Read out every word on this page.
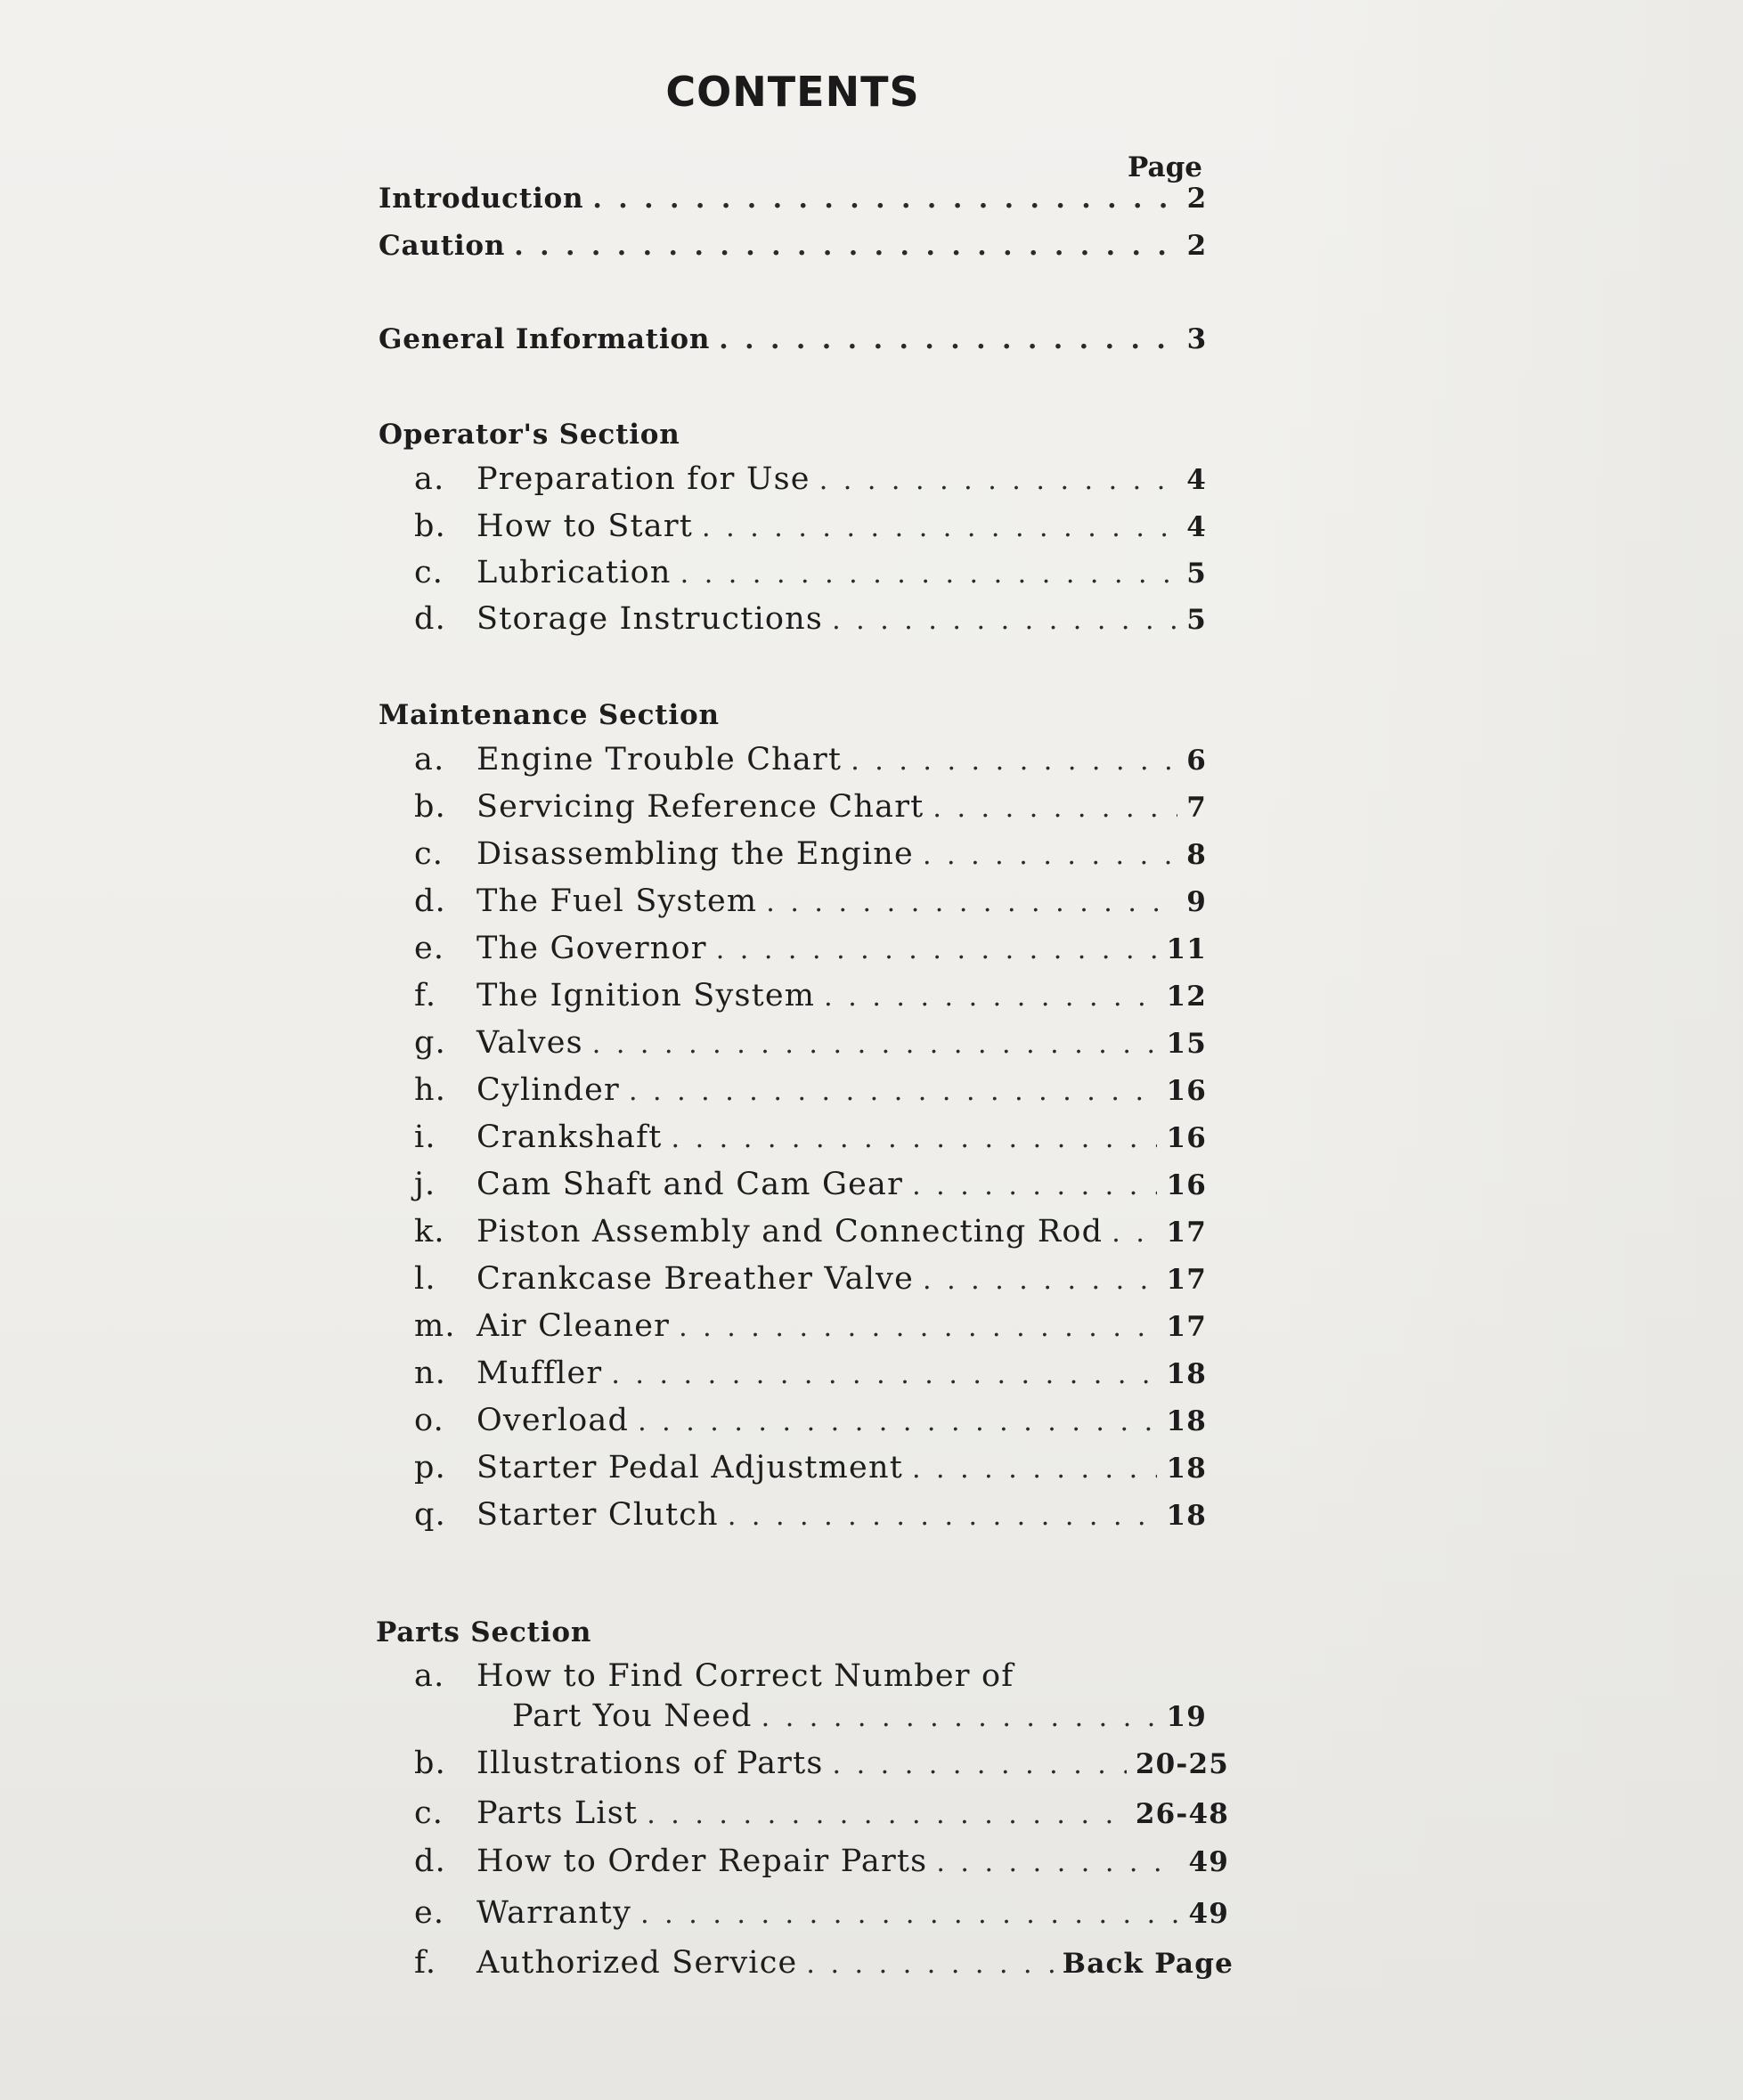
CONTENTS
Page
Introduction . . .	2
Caution . . .	2
General Information . . .	3
Operator's Section
a.	Preparation for Use . . .	4
b. How to Start . . .	4
c.	Lubrication . . .	5
d. Storage Instructions . . .	5
Maintenance Section
a.	Engine Trouble Chart . . .	6
b. Servicing Reference Chart . . .	7
c.	Disassembling the Engine . . .	8
d. The Fuel System . . .	9
e.	The Governor . . .	11
f.	The Ignition System . . .	12
g. Valves . . .	15
h. Cylinder . . .	16
i.	Crankshaft . . .	16
j.	Cam Shaft and Cam Gear . . .	16
k.	Piston Assembly and Connecting Rod . . . 17
l.	Crankcase Breather Valve . . .	17
m. Air Cleaner . . .	17
n. Muffler . . .	18
o.	Overload . . .	18
p. Starter Pedal Adjustment . . .	18
q. Starter Clutch . . .	18
Parts Section
a.	How to Find Correct Number of
Part You Need . . .	19
b. Illustrations of Parts . . .	20-25
c.	Parts List . . .	26-48
d. How to Order Repair Parts . . .	49
e.	Warranty . . .	49
f.	Authorized Service . . .	Back Page
